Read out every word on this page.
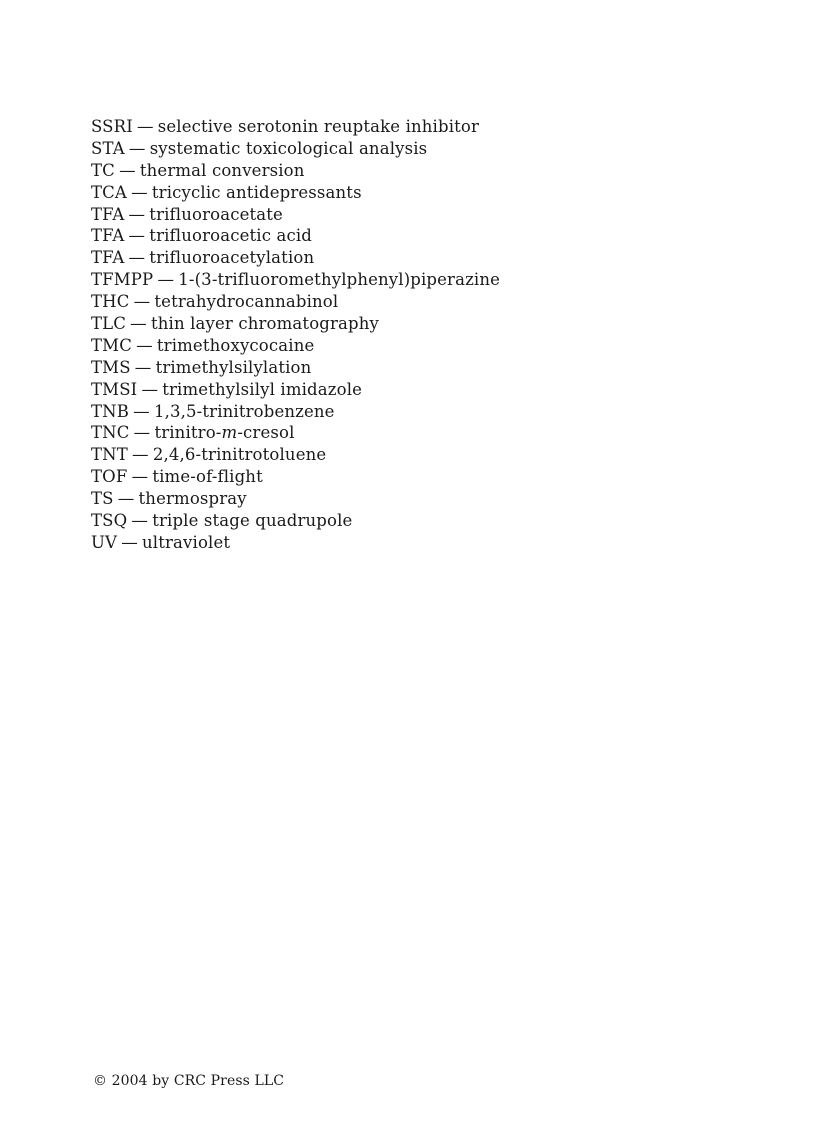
SSRI — selective serotonin reuptake inhibitor
STA — systematic toxicological analysis
TC — thermal conversion
TCA — tricyclic antidepressants
TFA — trifluoroacetate
TFA — trifluoroacetic acid
TFA — trifluoroacetylation
TFMPP — 1-(3-trifluoromethylphenyl)piperazine
THC — tetrahydrocannabinol
TLC — thin layer chromatography
TMC — trimethoxycocaine
TMS — trimethylsilylation
TMSI — trimethylsilyl imidazole
TNB — 1,3,5-trinitrobenzene
TNC — trinitro-m-cresol
TNT — 2,4,6-trinitrotoluene
TOF — time-of-flight
TS — thermospray
TSQ — triple stage quadrupole
UV — ultraviolet
© 2004 by CRC Press LLC
